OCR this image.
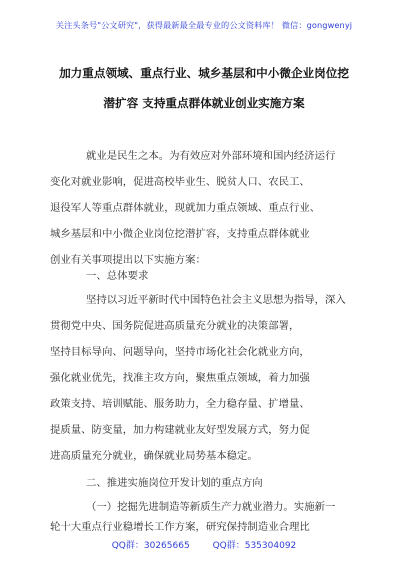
关注头条号"公文研究"，获得最新最全最专业的公文资料库！ 微信：gongwenyj
加力重点领域、重点行业、城乡基层和中小微企业岗位挖
潜扩容 支持重点群体就业创业实施方案
就业是民生之本。为有效应对外部环境和国内经济运行
变化对就业影响，促进高校毕业生、脱贫人口、农民工、
退役军人等重点群体就业，现就加力重点领域、重点行业、
城乡基层和中小微企业岗位挖潜扩容，支持重点群体就业
创业有关事项提出以下实施方案：
一、总体要求
坚持以习近平新时代中国特色社会主义思想为指导，深入
贯彻党中央、国务院促进高质量充分就业的决策部署，
坚持目标导向、问题导向，坚持市场化社会化就业方向，
强化就业优先，找准主攻方向，聚焦重点领域，着力加强
政策支持、培训赋能、服务助力，全力稳存量、扩增量、
提质量、防变量，加力构建就业友好型发展方式，努力促
进高质量充分就业，确保就业局势基本稳定。
二、推进实施岗位开发计划的重点方向
（一）挖掘先进制造等新质生产力就业潜力。实施新一
轮十大重点行业稳增长工作方案，研究保持制造业合理比
QQ群：30265665        QQ群：535304092
